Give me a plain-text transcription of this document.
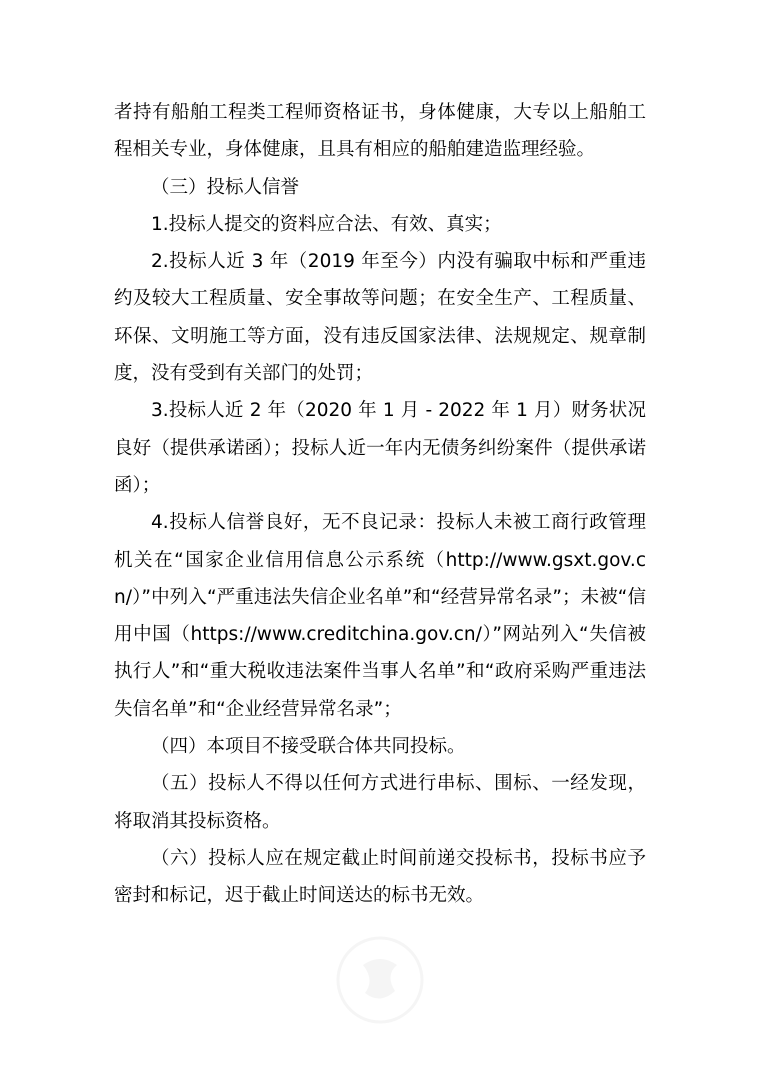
者持有船舶工程类工程师资格证书，身体健康，大专以上船舶工程相关专业，身体健康，且具有相应的船舶建造监理经验。

（三）投标人信誉

1.投标人提交的资料应合法、有效、真实；

2.投标人近 3 年（2019 年至今）内没有骗取中标和严重违约及较大工程质量、安全事故等问题；在安全生产、工程质量、环保、文明施工等方面，没有违反国家法律、法规规定、规章制度，没有受到有关部门的处罚；

3.投标人近 2 年（2020 年 1 月 - 2022 年 1 月）财务状况良好（提供承诺函）；投标人近一年内无债务纠纷案件（提供承诺函）；

4.投标人信誉良好，无不良记录：投标人未被工商行政管理机关在“国家企业信用信息公示系统（http://www.gsxt.gov.cn/）”中列入“严重违法失信企业名单”和“经营异常名录”；未被“信用中国（https://www.creditchina.gov.cn/）”网站列入“失信被执行人”和“重大税收违法案件当事人名单”和“政府采购严重违法失信名单”和“企业经营异常名录”；

（四）本项目不接受联合体共同投标。

（五）投标人不得以任何方式进行串标、围标、一经发现，将取消其投标资格。

（六）投标人应在规定截止时间前递交投标书，投标书应予密封和标记，迟于截止时间送达的标书无效。
